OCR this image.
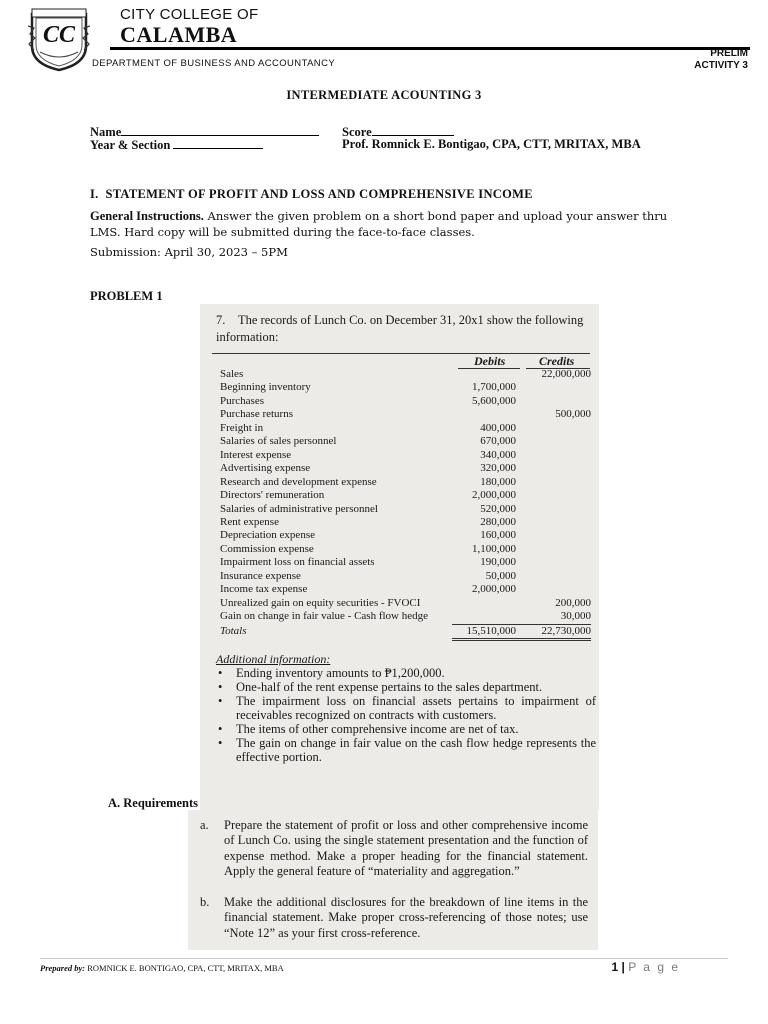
CC
CITY COLLEGE OF
CALAMBA
DEPARTMENT OF BUSINESS AND ACCOUNTANCY
PRELIM
ACTIVITY 3
INTERMEDIATE ACOUNTING 3
Name
Year & Section
Score
Prof. Romnick E. Bontigao, CPA, CTT, MRITAX, MBA
I. STATEMENT OF PROFIT AND LOSS AND COMPREHENSIVE INCOME
General Instructions. Answer the given problem on a short bond paper and upload your answer thru LMS. Hard copy will be submitted during the face-to-face classes.
Submission: April 30, 2023 – 5PM
PROBLEM 1
7. The records of Lunch Co. on December 31, 20x1 show the following information:
Debits	Credits
Sales		22,000,000
Beginning inventory	1,700,000	
Purchases	5,600,000	
Purchase returns		500,000
Freight in	400,000	
Salaries of sales personnel	670,000	
Interest expense	340,000	
Advertising expense	320,000	
Research and development expense	180,000	
Directors' remuneration	2,000,000	
Salaries of administrative personnel	520,000	
Rent expense	280,000	
Depreciation expense	160,000	
Commission expense	1,100,000	
Impairment loss on financial assets	190,000	
Insurance expense	50,000	
Income tax expense	2,000,000	
Unrealized gain on equity securities - FVOCI		200,000
Gain on change in fair value - Cash flow hedge		30,000
Totals	15,510,000	22,730,000
Additional information:
• Ending inventory amounts to ₱1,200,000.
• One-half of the rent expense pertains to the sales department.
• The impairment loss on financial assets pertains to impairment of receivables recognized on contracts with customers.
• The items of other comprehensive income are net of tax.
• The gain on change in fair value on the cash flow hedge represents the effective portion.
A. Requirements
a.	Prepare the statement of profit or loss and other comprehensive income of Lunch Co. using the single statement presentation and the function of expense method. Make a proper heading for the financial statement. Apply the general feature of “materiality and aggregation.”
b.	Make the additional disclosures for the breakdown of line items in the financial statement. Make proper cross-referencing of those notes; use “Note 12” as your first cross-reference.
Prepared by: ROMNICK E. BONTIGAO, CPA, CTT, MRITAX, MBA	1 | P a g e
